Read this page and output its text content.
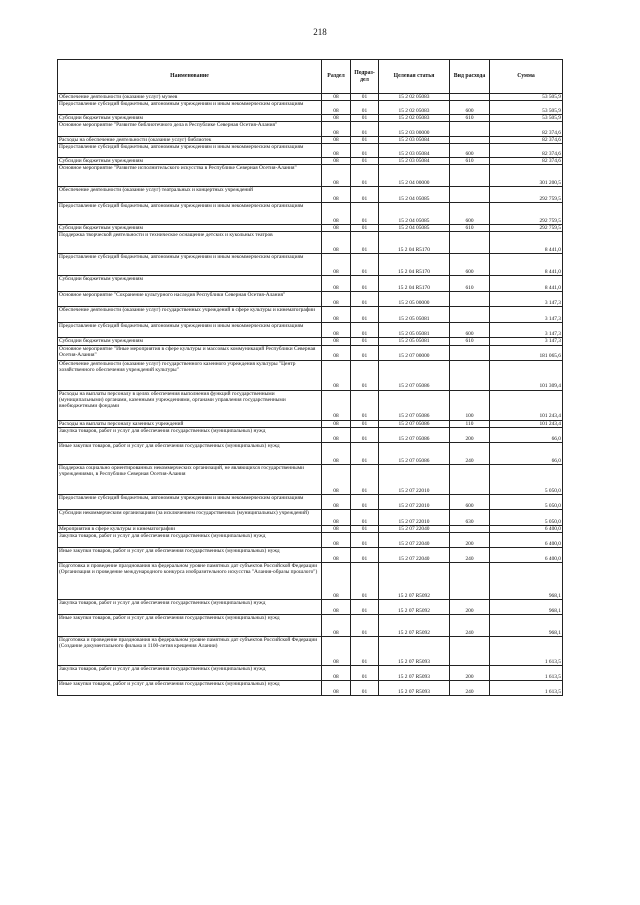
218
Наименование	Раздел	Подраз-дел	Целевая статья	Вид расхода	Сумма
Обеспечение деятельности (оказание услуг) музеев	08	01	15 2 02 05083		53 505,9
Предоставление субсидий бюджетным, автономным учреждениям и иным некоммерческим организациям	08	01	15 2 02 05083	600	53 505,9
Субсидии бюджетным учреждениям	08	01	15 2 02 05083	610	53 505,9
Основное мероприятие "Развитие библиотечного дела в Республике Северная Осетия-Алания"	08	01	15 2 03 00000		82 374,6
Расходы на обеспечение деятельности (оказание услуг) библиотек	08	01	15 2 03 05084		82 374,6
Предоставление субсидий бюджетным, автономным учреждениям и иным некоммерческим организациям	08	01	15 2 03 05084	600	82 374,6
Субсидии бюджетным учреждениям	08	01	15 2 03 05084	610	82 374,6
Основное мероприятие "Развитие исполнительского искусства в Республике Северная Осетия-Алания"	08	01	15 2 04 00000		301 200,5
Обеспечение деятельности (оказание услуг) театральных и концертных учреждений	08	01	15 2 04 05085		292 759,5
Предоставление субсидий бюджетным, автономным учреждениям и иным некоммерческим организациям	08	01	15 2 04 05085	600	292 759,5
Субсидии бюджетным учреждениям	08	01	15 2 04 05085	610	292 759,5
Поддержка творческой деятельности и техническое оснащение детских и кукольных театров	08	01	15 2 04 R5170		8 441,0
Предоставление субсидий бюджетным, автономным учреждениям и иным некоммерческим организациям	08	01	15 2 04 R5170	600	8 441,0
Субсидии бюджетным учреждениям	08	01	15 2 04 R5170	610	8 441,0
Основное мероприятие "Сохранение культурного наследия Республики Северная Осетия-Алания"	08	01	15 2 05 00000		3 147,3
Обеспечение деятельности (оказание услуг) государственных учреждений в сфере культуры и кинематографии	08	01	15 2 05 05081		3 147,3
Предоставление субсидий бюджетным, автономным учреждениям и иным некоммерческим организациям	08	01	15 2 05 05081	600	3 147,3
Субсидии бюджетным учреждениям	08	01	15 2 05 05081	610	3 147,3
Основное мероприятие "Иные мероприятия в сфере культуры и массовых коммуникаций Республики Северная Осетия-Алания"	08	01	15 2 07 00000		181 065,6
Обеспечение деятельности (оказание услуг) государственного казенного учреждения культуры "Центр хозяйственного обеспечения учреждений культуры"	08	01	15 2 07 05086		101 309,4
Расходы на выплаты персоналу в целях обеспечения выполнения функций государственными (муниципальными) органами, казенными учреждениями, органами управления государственными внебюджетными фондами	08	01	15 2 07 05086	100	101 243,4
Расходы на выплаты персоналу казенных учреждений	08	01	15 2 07 05086	110	101 243,4
Закупка товаров, работ и услуг для обеспечения государственных (муниципальных) нужд	08	01	15 2 07 05086	200	66,0
Иные закупки товаров, работ и услуг для обеспечения государственных (муниципальных) нужд	08	01	15 2 07 05086	240	66,0
Поддержка социально ориентированных некоммерческих организаций, не являющихся государственными учреждениями, в Республике Северная Осетия-Алания	08	01	15 2 07 22010		5 050,0
Предоставление субсидий бюджетным, автономным учреждениям и иным некоммерческим организациям	08	01	15 2 07 22010	600	5 050,0
Субсидии некоммерческим организациям (за исключением государственных (муниципальных) учреждений)	08	01	15 2 07 22010	630	5 050,0
Мероприятия в сфере культуры и кинематографии	08	01	15 2 07 22040		6 400,0
Закупка товаров, работ и услуг для обеспечения государственных (муниципальных) нужд	08	01	15 2 07 22040	200	6 400,0
Иные закупки товаров, работ и услуг для обеспечения государственных (муниципальных) нужд	08	01	15 2 07 22040	240	6 400,0
Подготовка и проведение празднования на федеральном уровне памятных дат субъектов Российской Федерации (Организация и проведение международного конкурса изобразительного искусства "Алания-образы прошлого")	08	01	15 2 07 R5092		968,1
Закупка товаров, работ и услуг для обеспечения государственных (муниципальных) нужд	08	01	15 2 07 R5092	200	968,1
Иные закупки товаров, работ и услуг для обеспечения государственных (муниципальных) нужд	08	01	15 2 07 R5092	240	968,1
Подготовка и проведение празднования на федеральном уровне памятных дат субъектов Российской Федерации (Создание документального фильма и 1100-летия крещения Алании)	08	01	15 2 07 R5093		1 613,5
Закупка товаров, работ и услуг для обеспечения государственных (муниципальных) нужд	08	01	15 2 07 R5093	200	1 613,5
Иные закупки товаров, работ и услуг для обеспечения государственных (муниципальных) нужд	08	01	15 2 07 R5093	240	1 613,5
